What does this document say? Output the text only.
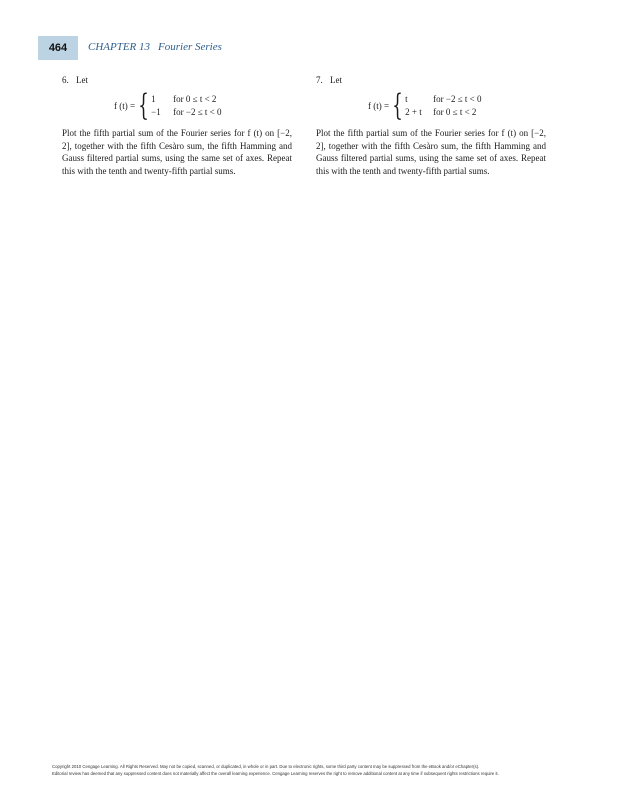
464 CHAPTER 13 Fourier Series
6. Let
f (t) = { 1	for 0 ≤ t < 2
−1	for −2 ≤ t < 0
Plot the fifth partial sum of the Fourier series for f (t) on [−2, 2], together with the fifth Cesàro sum, the fifth Hamming and Gauss filtered partial sums, using the same set of axes. Repeat this with the tenth and twenty-fifth partial sums.
7. Let
f (t) = { t	for −2 ≤ t < 0
2 + t	for 0 ≤ t < 2
Plot the fifth partial sum of the Fourier series for f (t) on [−2, 2], together with the fifth Cesàro sum, the fifth Hamming and Gauss filtered partial sums, using the same set of axes. Repeat this with the tenth and twenty-fifth partial sums.
Copyright 2010 Cengage Learning. All Rights Reserved. May not be copied, scanned, or duplicated, in whole or in part. Due to electronic rights, some third party content may be suppressed from the eBook and/or eChapter(s).
Editorial review has deemed that any suppressed content does not materially affect the overall learning experience. Cengage Learning reserves the right to remove additional content at any time if subsequent rights restrictions require it.
